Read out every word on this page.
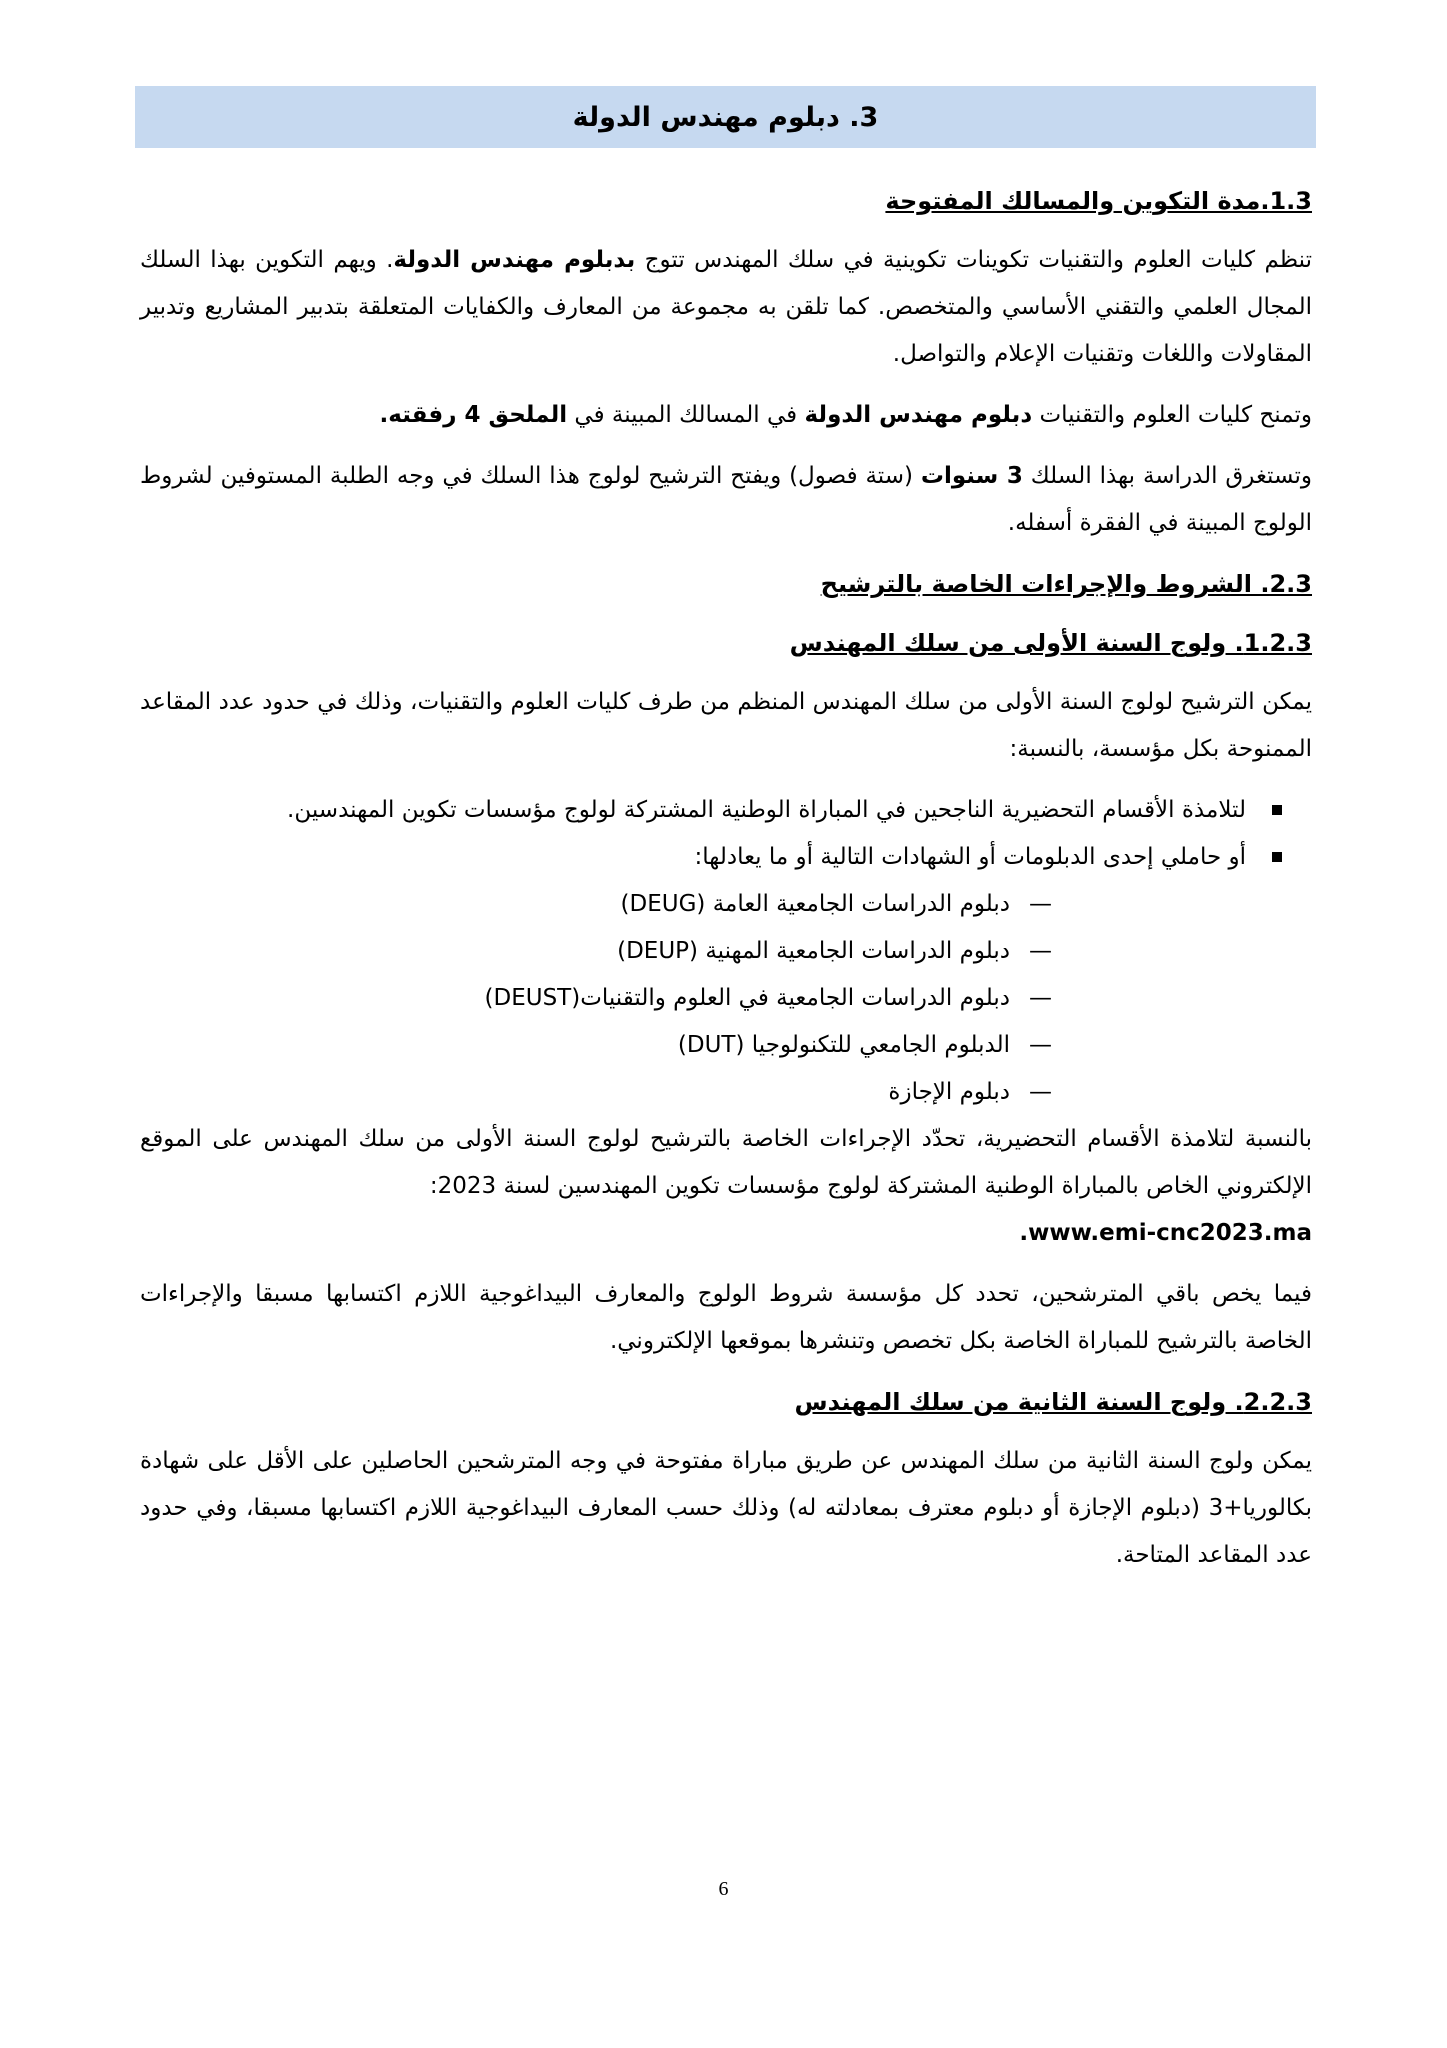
3. دبلوم مهندس الدولة
1.3.مدة التكوين والمسالك المفتوحة

تنظم كليات العلوم والتقنيات تكوينات تكوينية في سلك المهندس تتوج بدبلوم مهندس الدولة. ويهم التكوين بهذا السلك المجال العلمي والتقني الأساسي والمتخصص. كما تلقن به مجموعة من المعارف والكفايات المتعلقة بتدبير المشاريع وتدبير المقاولات واللغات وتقنيات الإعلام والتواصل.

وتمنح كليات العلوم والتقنيات دبلوم مهندس الدولة في المسالك المبينة في الملحق 4 رفقته.

وتستغرق الدراسة بهذا السلك 3 سنوات (ستة فصول) ويفتح الترشيح لولوج هذا السلك في وجه الطلبة المستوفين لشروط الولوج المبينة في الفقرة أسفله.

2.3. الشروط والإجراءات الخاصة بالترشيح
1.2.3. ولوج السنة الأولى من سلك المهندس

يمكن الترشيح لولوج السنة الأولى من سلك المهندس المنظم من طرف كليات العلوم والتقنيات، وذلك في حدود عدد المقاعد الممنوحة بكل مؤسسة، بالنسبة:

لتلامذة الأقسام التحضيرية الناجحين في المباراة الوطنية المشتركة لولوج مؤسسات تكوين المهندسين.
أو حاملي إحدى الدبلومات أو الشهادات التالية أو ما يعادلها:
— دبلوم الدراسات الجامعية العامة (DEUG)
— دبلوم الدراسات الجامعية المهنية (DEUP)
— دبلوم الدراسات الجامعية في العلوم والتقنيات(DEUST)
— الدبلوم الجامعي للتكنولوجيا (DUT)
— دبلوم الإجازة

بالنسبة لتلامذة الأقسام التحضيرية، تحدّد الإجراءات الخاصة بالترشيح لولوج السنة الأولى من سلك المهندس على الموقع الإلكتروني الخاص بالمباراة الوطنية المشتركة لولوج مؤسسات تكوين المهندسين لسنة 2023:

.www.emi-cnc2023.ma

فيما يخص باقي المترشحين، تحدد كل مؤسسة شروط الولوج والمعارف البيداغوجية اللازم اكتسابها مسبقا والإجراءات الخاصة بالترشيح للمباراة الخاصة بكل تخصص وتنشرها بموقعها الإلكتروني.

2.2.3. ولوج السنة الثانية من سلك المهندس

يمكن ولوج السنة الثانية من سلك المهندس عن طريق مباراة مفتوحة في وجه المترشحين الحاصلين على الأقل على شهادة بكالوريا+3 (دبلوم الإجازة أو دبلوم معترف بمعادلته له) وذلك حسب المعارف البيداغوجية اللازم اكتسابها مسبقا، وفي حدود عدد المقاعد المتاحة.

6
